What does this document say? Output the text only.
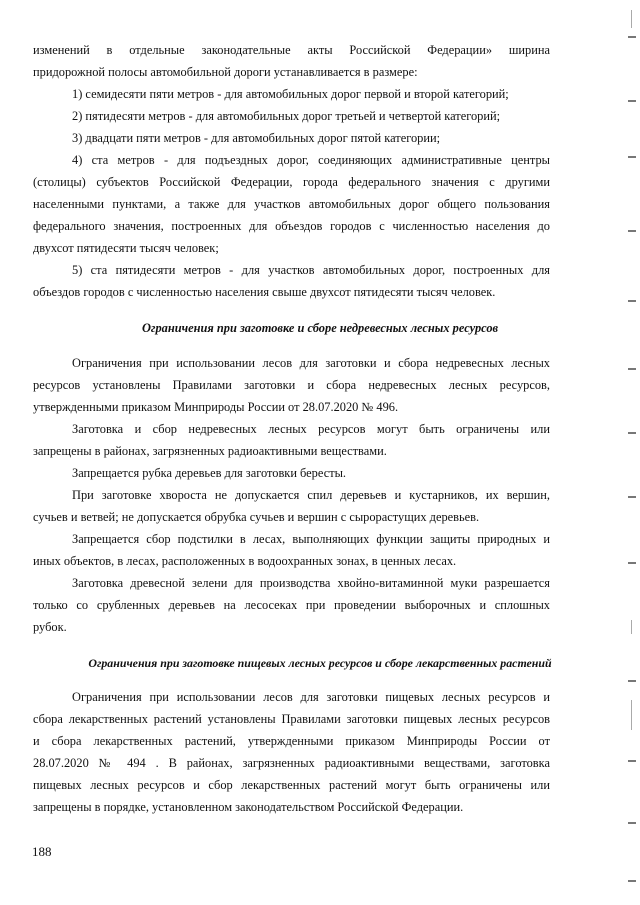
изменений в отдельные законодательные акты Российской Федерации» ширина
придорожной полосы автомобильной дороги устанавливается в размере:
1) семидесяти пяти метров - для автомобильных дорог первой и второй категорий;
2) пятидесяти метров - для автомобильных дорог третьей и четвертой категорий;
3) двадцати пяти метров - для автомобильных дорог пятой категории;
4) ста метров - для подъездных дорог, соединяющих административные центры
(столицы) субъектов Российской Федерации, города федерального значения с другими
населенными пунктами, а также для участков автомобильных дорог общего пользования
федерального значения, построенных для объездов городов с численностью населения до
двухсот пятидесяти тысяч человек;
5) ста пятидесяти метров - для участков автомобильных дорог, построенных для
объездов городов с численностью населения свыше двухсот пятидесяти тысяч человек.
Ограничения при заготовке и сборе недревесных лесных ресурсов
Ограничения при использовании лесов для заготовки и сбора недревесных лесных
ресурсов установлены Правилами заготовки и сбора недревесных лесных ресурсов,
утвержденными приказом Минприроды России от 28.07.2020 № 496.
Заготовка и сбор недревесных лесных ресурсов могут быть ограничены или
запрещены в районах, загрязненных радиоактивными веществами.
Запрещается рубка деревьев для заготовки бересты.
При заготовке хвороста не допускается спил деревьев и кустарников, их вершин,
сучьев и ветвей; не допускается обрубка сучьев и вершин с сырорастущих деревьев.
Запрещается сбор подстилки в лесах, выполняющих функции защиты природных и
иных объектов, в лесах, расположенных в водоохранных зонах, в ценных лесах.
Заготовка древесной зелени для производства хвойно-витаминной муки разрешается
только со срубленных деревьев на лесосеках при проведении выборочных и сплошных
рубок.
Ограничения при заготовке пищевых лесных ресурсов и сборе лекарственных растений
Ограничения при использовании лесов для заготовки пищевых лесных ресурсов и
сбора лекарственных растений установлены Правилами заготовки пищевых лесных ресурсов
и сбора лекарственных растений, утвержденными приказом Минприроды России от
28.07.2020 № 494 . В районах, загрязненных радиоактивными веществами, заготовка
пищевых лесных ресурсов и сбор лекарственных растений могут быть ограничены или
запрещены в порядке, установленном законодательством Российской Федерации.
188
